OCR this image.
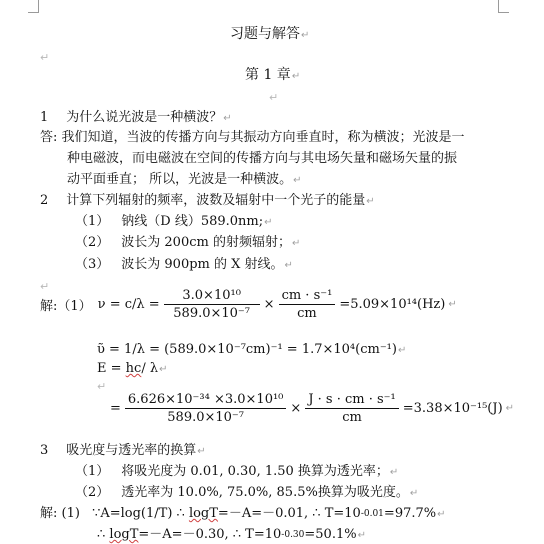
习题与解答↵
↵
第 1 章↵
↵
1 为什么说光波是一种横波？↵
答: 我们知道，当波的传播方向与其振动方向垂直时，称为横波；光波是一
种电磁波，而电磁波在空间的传播方向与其电场矢量和磁场矢量的振
动平面垂直； 所以，光波是一种横波。↵
2 计算下列辐射的频率，波数及辐射中一个光子的能量↵
（1） 钠线（D 线）589.0nm;↵
（2） 波长为 200cm 的射频辐射；↵
（3） 波长为 900pm 的 X 射线。↵
↵
解:（1） $\nu = c/\lambda = \frac{\text{3.0×10¹⁰}}{\text{589.0×10⁻⁷}} \times \frac{\text{cm · s⁻¹}}{cm} =5.09\times 10^{14}(Hz)$ ↵
ῦ = 1/λ = (589.0×10⁻⁷cm)⁻¹ = 1.7×10⁴(cm⁻¹)↵
E = hc/ λ↵
↵
= $\frac{\text{6.626×10⁻³⁴ ×3.0×10¹⁰}}{\text{589.0×10⁻⁷}} \times \frac{\text{J · s · cm · s⁻¹}}{cm} =3.38\times 10^{-15}(J)$ ↵
3 吸光度与透光率的换算↵
（1） 将吸光度为 0.01, 0.30, 1.50 换算为透光率；↵
（2） 透光率为 10.0%, 75.0%, 85.5%换算为吸光度。↵
解: (1) ∵A=log(1/T) ∴ logT=－A=－0.01, ∴ $T=10^{-0.01}=97.7\%↵$
∴ logT=－A=－0.30, ∴ $T=10^{-0.30}=50.1\%↵$
